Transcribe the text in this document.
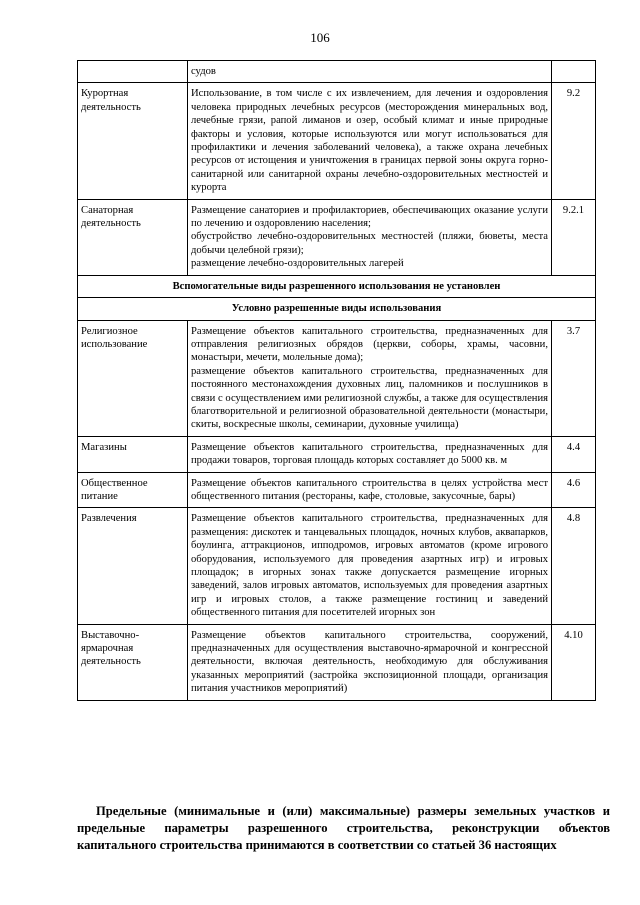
106
	судов	
Курортная деятельность	Использование, в том числе с их извлечением, для лечения и оздоровления человека природных лечебных ресурсов (месторождения минеральных вод, лечебные грязи, рапой лиманов и озер, особый климат и иные природные факторы и условия, которые используются или могут использоваться для профилактики и лечения заболеваний человека), а также охрана лечебных ресурсов от истощения и уничтожения в границах первой зоны округа горно-санитарной или санитарной охраны лечебно-оздоровительных местностей и курорта	9.2
Санаторная деятельность	Размещение санаториев и профилакториев, обеспечивающих оказание услуги по лечению и оздоровлению населения;
обустройство лечебно-оздоровительных местностей (пляжи, бюветы, места добычи целебной грязи);
размещение лечебно-оздоровительных лагерей	9.2.1
Вспомогательные виды разрешенного использования не установлен		
Условно разрешенные виды использования		
Религиозное использование	Размещение объектов капитального строительства, предназначенных для отправления религиозных обрядов (церкви, соборы, храмы, часовни, монастыри, мечети, молельные дома);
размещение объектов капитального строительства, предназначенных для постоянного местонахождения духовных лиц, паломников и послушников в связи с осуществлением ими религиозной службы, а также для осуществления благотворительной и религиозной образовательной деятельности (монастыри, скиты, воскресные школы, семинарии, духовные училища)	3.7
Магазины	Размещение объектов капитального строительства, предназначенных для продажи товаров, торговая площадь которых составляет до 5000 кв. м	4.4
Общественное питание	Размещение объектов капитального строительства в целях устройства мест общественного питания (рестораны, кафе, столовые, закусочные, бары)	4.6
Развлечения	Размещение объектов капитального строительства, предназначенных для размещения: дискотек и танцевальных площадок, ночных клубов, аквапарков, боулинга, аттракционов, ипподромов, игровых автоматов (кроме игрового оборудования, используемого для проведения азартных игр) и игровых площадок; в игорных зонах также допускается размещение игорных заведений, залов игровых автоматов, используемых для проведения азартных игр и игровых столов, а также размещение гостиниц и заведений общественного питания для посетителей игорных зон	4.8
Выставочно-ярмарочная деятельность	Размещение объектов капитального строительства, сооружений, предназначенных для осуществления выставочно-ярмарочной и конгрессной деятельности, включая деятельность, необходимую для обслуживания указанных мероприятий (застройка экспозиционной площади, организация питания участников мероприятий)	4.10

Предельные (минимальные и (или) максимальные) размеры земельных участков и предельные параметры разрешенного строительства, реконструкции объектов капитального строительства принимаются в соответствии со статьей 36 настоящих
